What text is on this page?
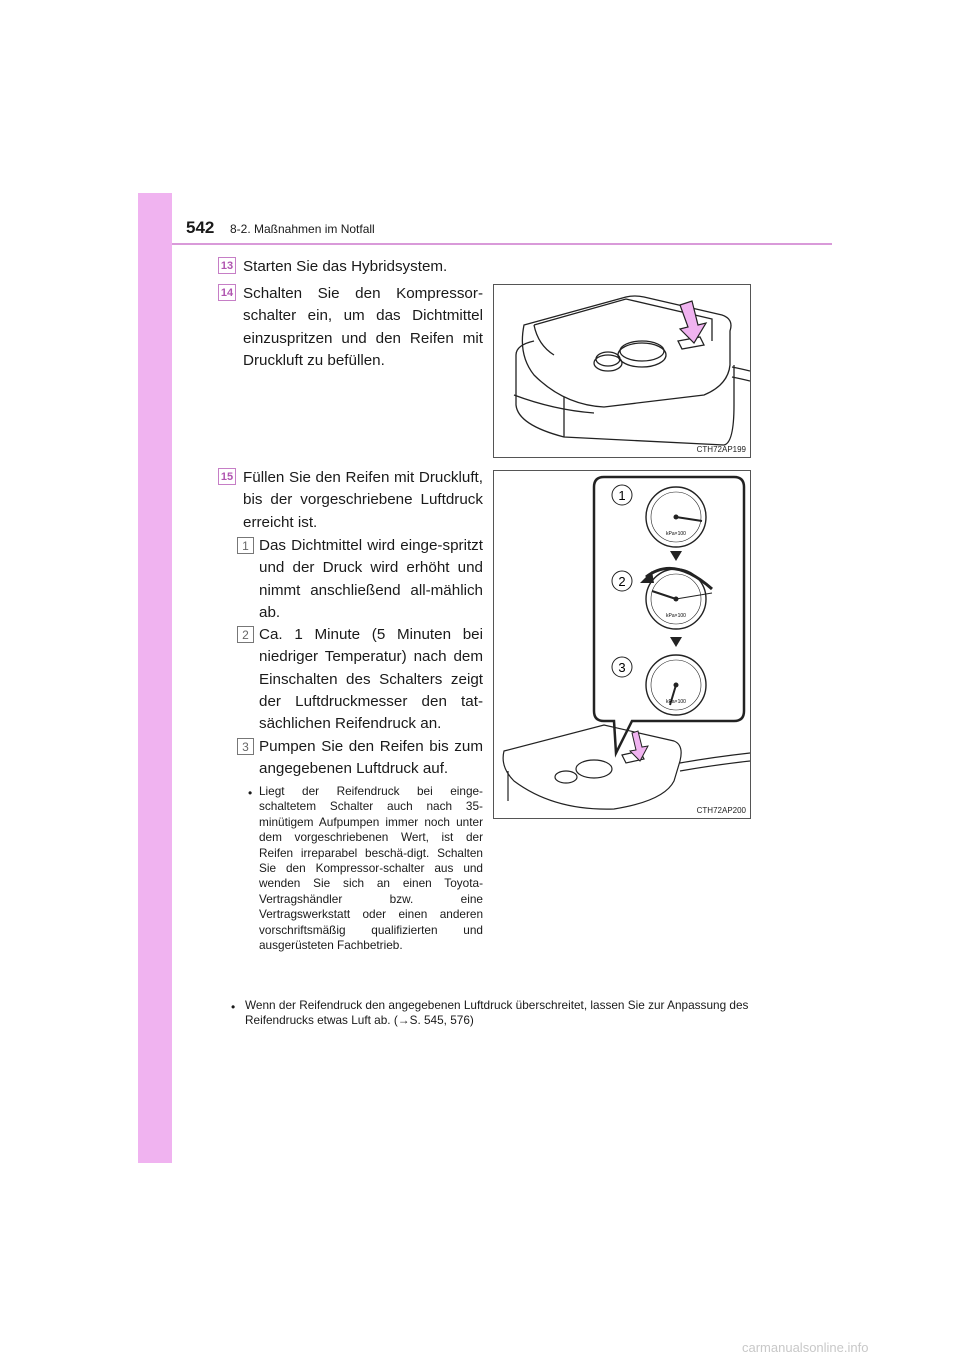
542 8-2. Maßnahmen im Notfall
13 Starten Sie das Hybridsystem.

14 Schalten Sie den Kompressor-schalter ein, um das Dichtmittel einzuspritzen und den Reifen mit Druckluft zu befüllen.

CTH72AP199
15 Füllen Sie den Reifen mit Druckluft, bis der vorgeschriebene Luftdruck erreicht ist.

1 Das Dichtmittel wird einge-spritzt und der Druck wird erhöht und nimmt anschließend all-mählich ab.

2 Ca. 1 Minute (5 Minuten bei niedriger Temperatur) nach dem Einschalten des Schalters zeigt der Luftdruckmesser den tat-sächlichen Reifendruck an.

3 Pumpen Sie den Reifen bis zum angegebenen Luftdruck auf.

• Liegt der Reifendruck bei einge-schaltetem Schalter auch nach 35-minütigem Aufpumpen immer noch unter dem vorgeschriebenen Wert, ist der Reifen irreparabel beschä-digt. Schalten Sie den Kompressor-schalter aus und wenden Sie sich an einen Toyota-Vertragshändler bzw. eine Vertragswerkstatt oder einen anderen vorschriftsmäßig qualifizierten und ausgerüsteten Fachbetrieb.

• Wenn der Reifendruck den angegebenen Luftdruck überschreitet, lassen Sie zur Anpassung des Reifendrucks etwas Luft ab. (→S. 545, 576)

1
2
3
kPa×100
kPa×100
kPa×100
CTH72AP200
carmanualsonline.info
